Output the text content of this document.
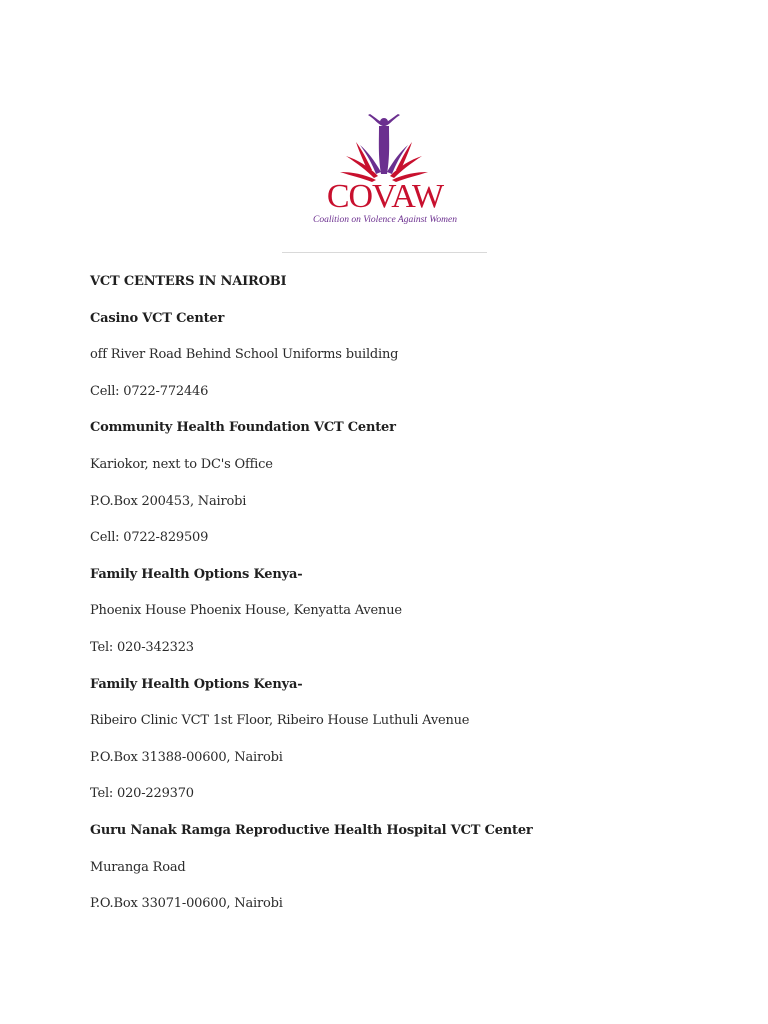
COVAW
Coalition on Violence Against Women
VCT CENTERS IN NAIROBI
Casino VCT Center
off River Road Behind School Uniforms building
Cell: 0722-772446
Community Health Foundation VCT Center
Kariokor, next to DC's Office
P.O.Box 200453, Nairobi
Cell: 0722-829509
Family Health Options Kenya-
Phoenix House Phoenix House, Kenyatta Avenue
Tel: 020-342323
Family Health Options Kenya-
Ribeiro Clinic VCT 1st Floor, Ribeiro House Luthuli Avenue
P.O.Box 31388-00600, Nairobi
Tel: 020-229370
Guru Nanak Ramga Reproductive Health Hospital VCT Center
Muranga Road
P.O.Box 33071-00600, Nairobi
